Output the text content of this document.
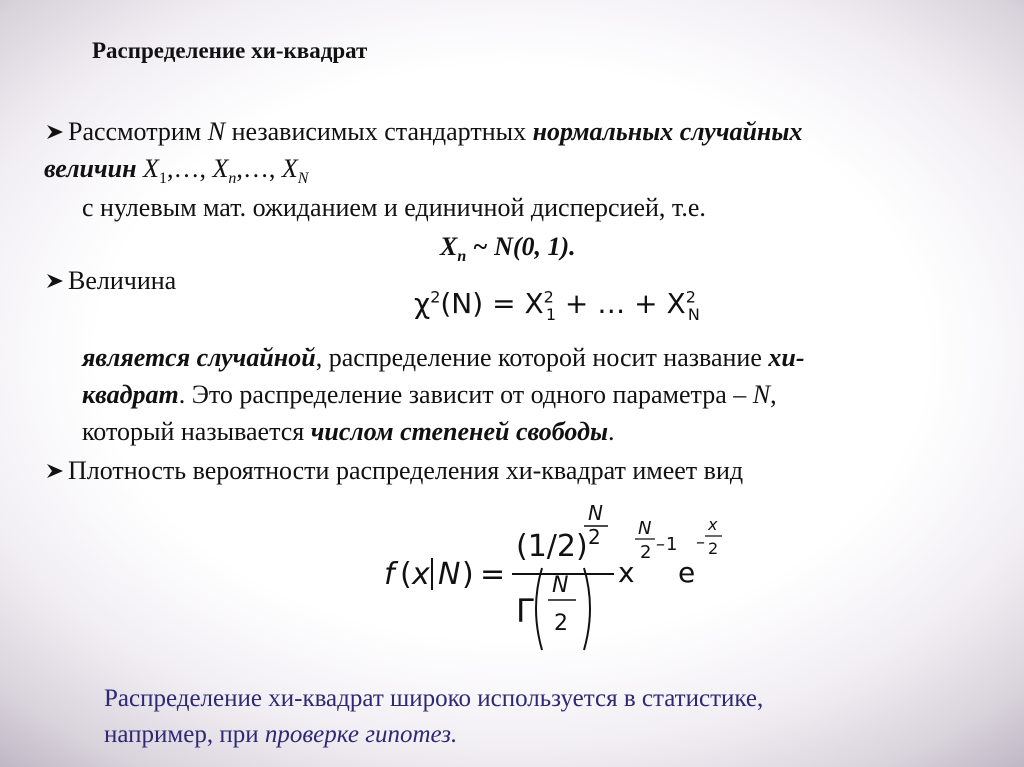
Распределение хи-квадрат
Рассмотрим N независимых стандартных нормальных случайных
величин $X_1,\dots$, $X_n,\dots$, $X_N$
с нулевым мат. ожиданием и единичной дисперсией, т.е.
$X_n$ ~ N(0, 1).
Величина
$\chi^2(N) = X^2_1$ + … + $X^2_N$
является случайной, распределение которой носит название хи-
квадрат. Это распределение зависит от одного параметра – N,
который называется числом степеней свободы.
Плотность вероятности распределения хи-квадрат имеет вид
f ( x N ) =
(1/2)
N
2
Γ
N
2
x
N
2 – 1
e
–
x
2
Распределение хи-квадрат широко используется в статистике,
например, при проверке гипотез.
